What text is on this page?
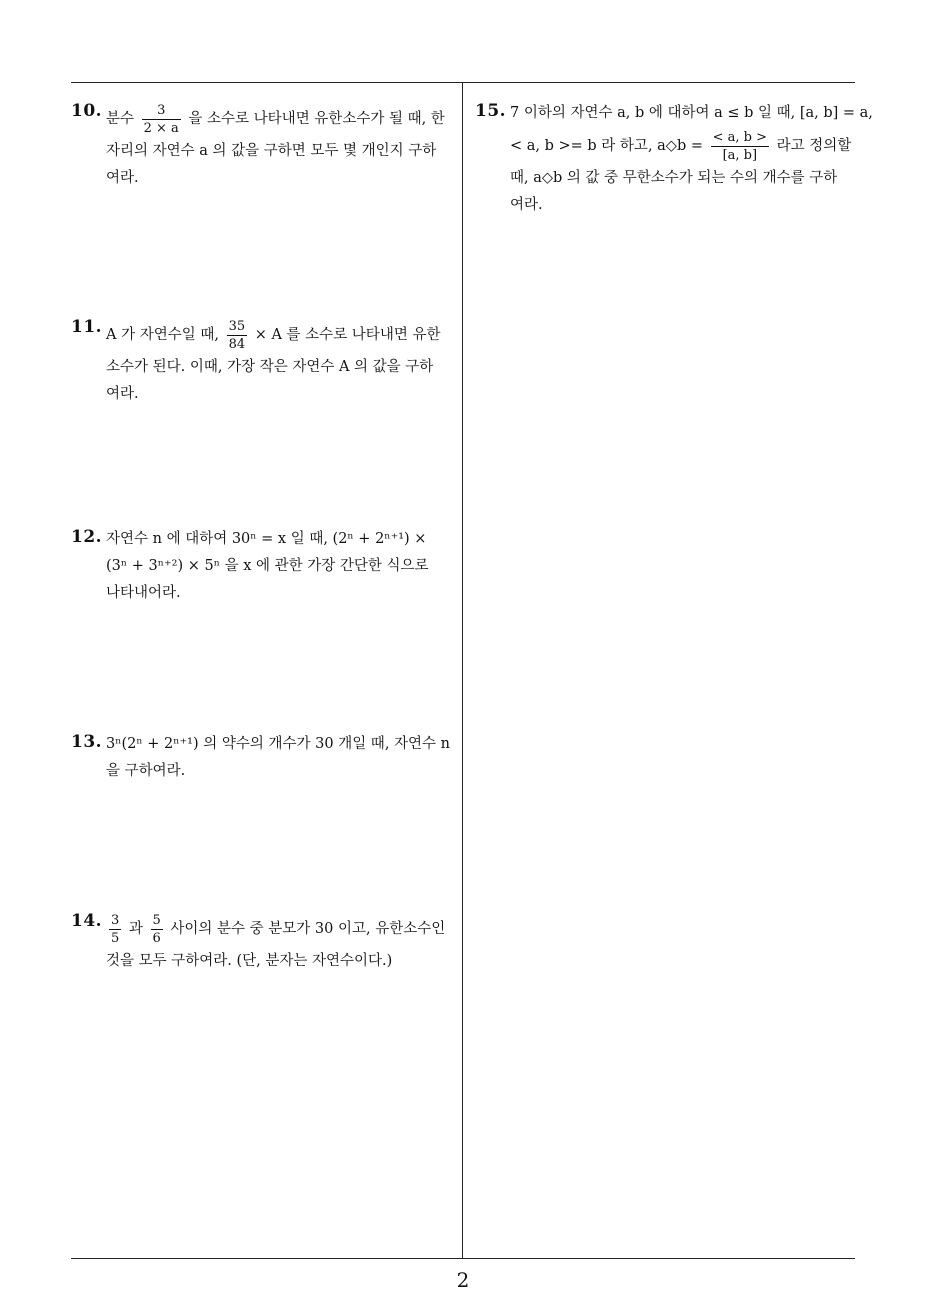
10. 분수 $\frac{3}{2 \times a}$ 을 소수로 나타내면 유한소수가 될 때, 한
자리의 자연수 a 의 값을 구하면 모두 몇 개인지 구하
여라.
11. A 가 자연수일 때, $\frac{35}{84} \times A$ 를 소수로 나타내면 유한
소수가 된다. 이때, 가장 작은 자연수 A 의 값을 구하
여라.
12. 자연수 n 에 대하여 30ⁿ = x 일 때, (2ⁿ + 2ⁿ⁺¹) ×
(3ⁿ + 3ⁿ⁺²) × 5ⁿ 을 x 에 관한 가장 간단한 식으로
나타내어라.
13. 3ⁿ(2ⁿ + 2ⁿ⁺¹) 의 약수의 개수가 30 개일 때, 자연수 n
을 구하여라.
14. $\frac{3}{5}$ 과 $\frac{5}{6}$ 사이의 분수 중 분모가 30 이고, 유한소수인
것을 모두 구하여라. (단, 분자는 자연수이다.)
15. 7 이하의 자연수 a, b 에 대하여 a ≤ b 일 때, [a, b] = a,
< a, b >= b 라 하고, a◇b = $\frac{< a, b >}{[a, b]}$ 라고 정의할
때, a◇b 의 값 중 무한소수가 되는 수의 개수를 구하
여라.
2
